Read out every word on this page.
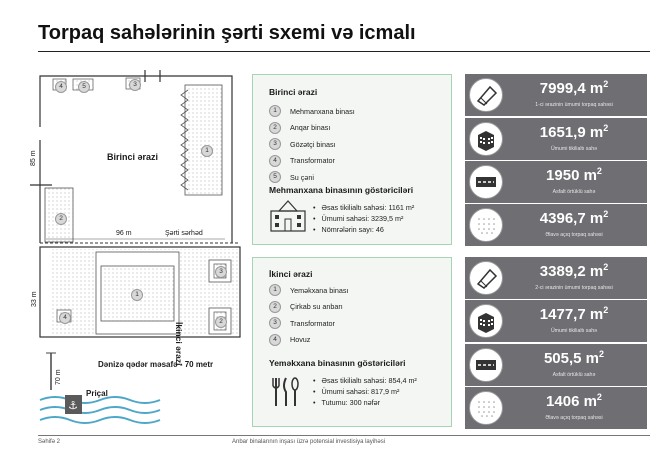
Torpaq sahələrinin şərti sxemi və icmalı
⚓
4	5	3
1
2
1
3
2
4
Birinci ərazi
İkinci ərazi
85 m
96 m	Şərti sərhəd
33 m
70 m
Dənizə qədər məsafə - 70 metr
Priçal
Birinci ərazi
1	Mehmanxana binası
2	Anqar binası
3	Gözətçi binası
4	Transformator
5	Su çəni
Mehmanxana binasının göstəriciləri
• Əsas tikilialtı sahəsi: 1161 m²
• Ümumi sahəsi: 3239,5 m²
• Nömrələrin sayı: 46
İkinci ərazi
1	Yeməkxana binası
2	Çirkab su anbarı
3	Transformator
4	Hovuz
Yeməkxana binasının göstəriciləri
• Əsas tikilialtı sahəsi: 854,4 m²
• Ümumi sahəsi: 817,9 m²
• Tutumu: 300 nəfər
7999,4 $m^2$
1-ci ərazinin ümumi torpaq sahəsi
1651,9 $m^2$
Ümumi tikilialtı sahə
1950 $m^2$
Asfalt örtüklü sahə
4396,7 $m^2$
Əlavə açıq torpaq sahəsi
3389,2 $m^2$
2-ci ərazinin ümumi torpaq sahəsi
1477,7 $m^2$
Ümumi tikilialtı sahə
505,5 $m^2$
Asfalt örtüklü sahə
1406 $m^2$
Əlavə açıq torpaq sahəsi
Səhifə 2	Anbar binalarının inşası üzrə potensial investisiya layihəsi
